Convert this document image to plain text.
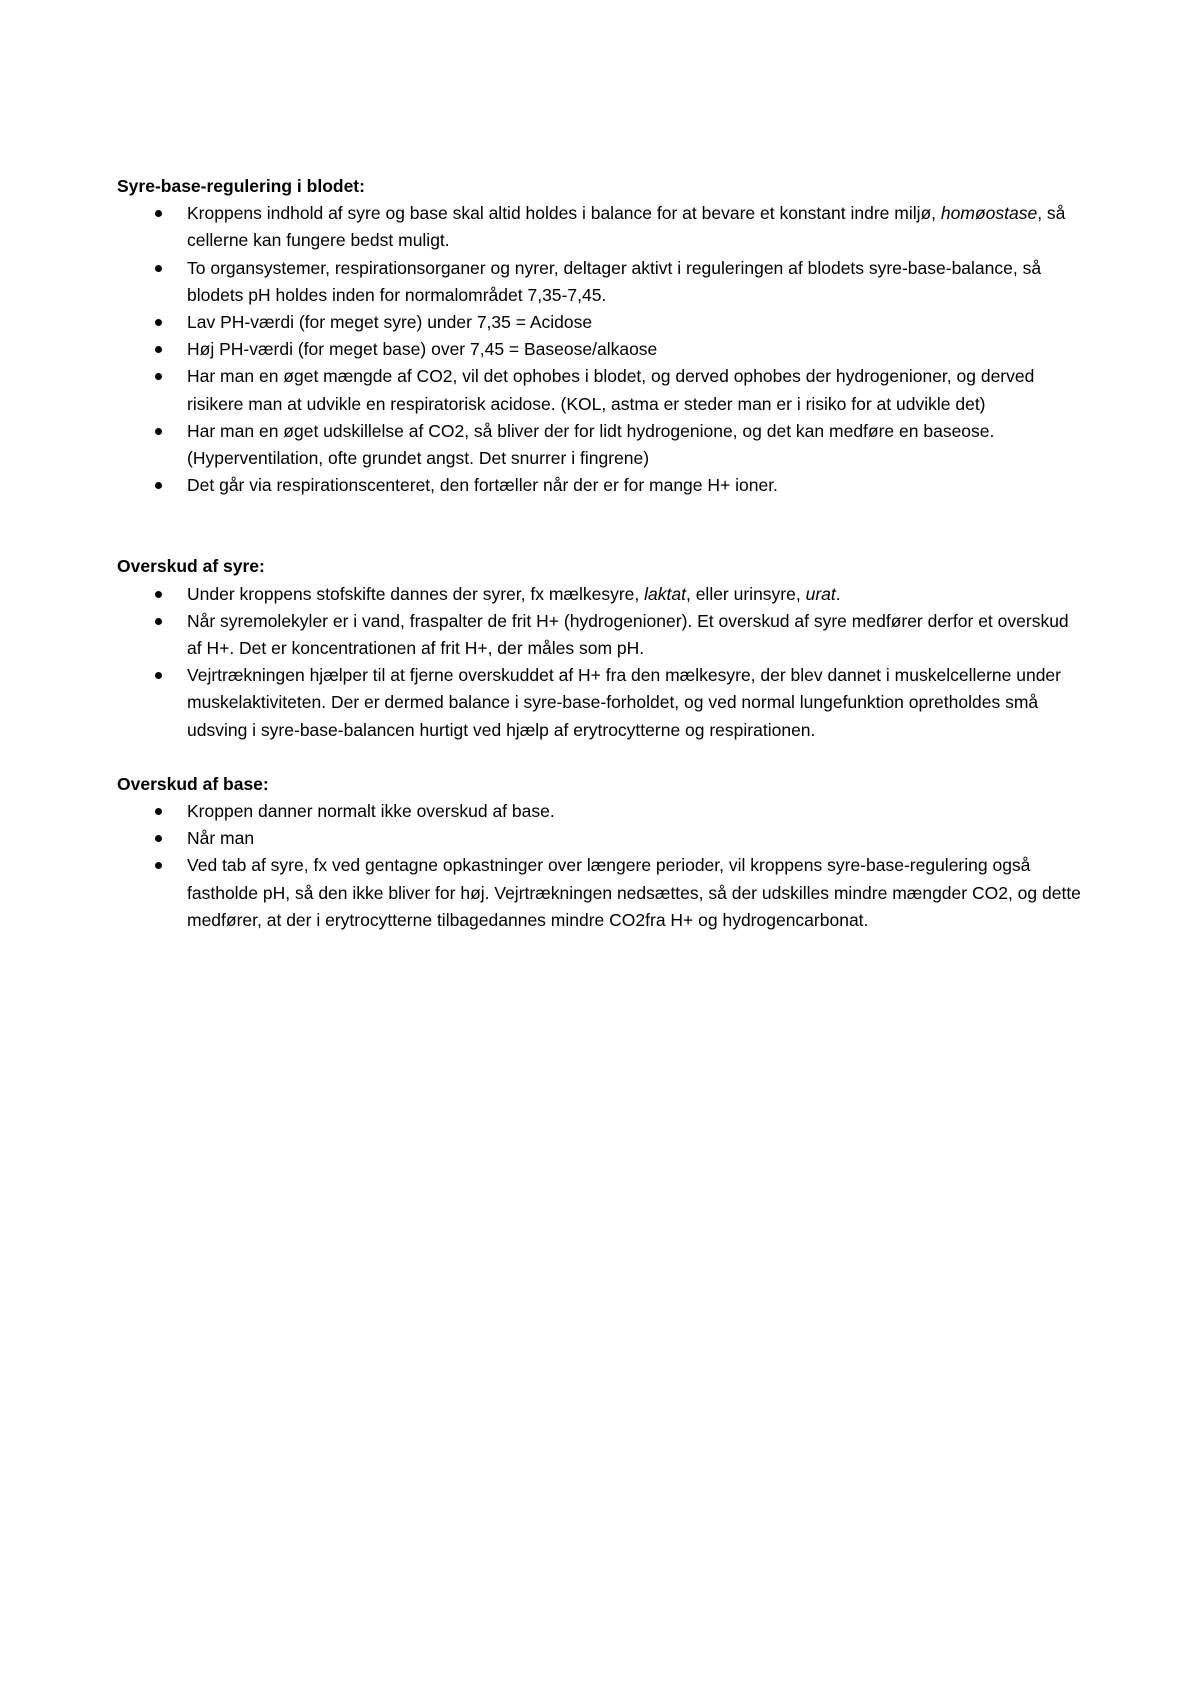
Syre-base-regulering i blodet:

Kroppens indhold af syre og base skal altid holdes i balance for at bevare et konstant indre miljø, homøostase, så cellerne kan fungere bedst muligt.
To organsystemer, respirationsorganer og nyrer, deltager aktivt i reguleringen af blodets syre-base-balance, så blodets pH holdes inden for normalområdet 7,35-7,45.
Lav PH-værdi (for meget syre) under 7,35 = Acidose
Høj PH-værdi (for meget base) over 7,45 = Baseose/alkaose
Har man en øget mængde af CO2, vil det ophobes i blodet, og derved ophobes der hydrogenioner, og derved risikere man at udvikle en respiratorisk acidose. (KOL, astma er steder man er i risiko for at udvikle det)
Har man en øget udskillelse af CO2, så bliver der for lidt hydrogenione, og det kan medføre en baseose. (Hyperventilation, ofte grundet angst. Det snurrer i fingrene)
Det går via respirationscenteret, den fortæller når der er for mange H+ ioner.

Overskud af syre:

Under kroppens stofskifte dannes der syrer, fx mælkesyre, laktat, eller urinsyre, urat.
Når syremolekyler er i vand, fraspalter de frit H+ (hydrogenioner). Et overskud af syre medfører derfor et overskud af H+. Det er koncentrationen af frit H+, der måles som pH.
Vejrtrækningen hjælper til at fjerne overskuddet af H+ fra den mælkesyre, der blev dannet i muskelcellerne under muskelaktiviteten. Der er dermed balance i syre-base-forholdet, og ved normal lungefunktion opretholdes små udsving i syre-base-balancen hurtigt ved hjælp af erytrocytterne og respirationen.

Overskud af base:

Kroppen danner normalt ikke overskud af base.
Når man
Ved tab af syre, fx ved gentagne opkastninger over længere perioder, vil kroppens syre-base-regulering også fastholde pH, så den ikke bliver for høj. Vejrtrækningen nedsættes, så der udskilles mindre mængder CO2, og dette medfører, at der i erytrocytterne tilbagedannes mindre CO2fra H+ og hydrogencarbonat.
